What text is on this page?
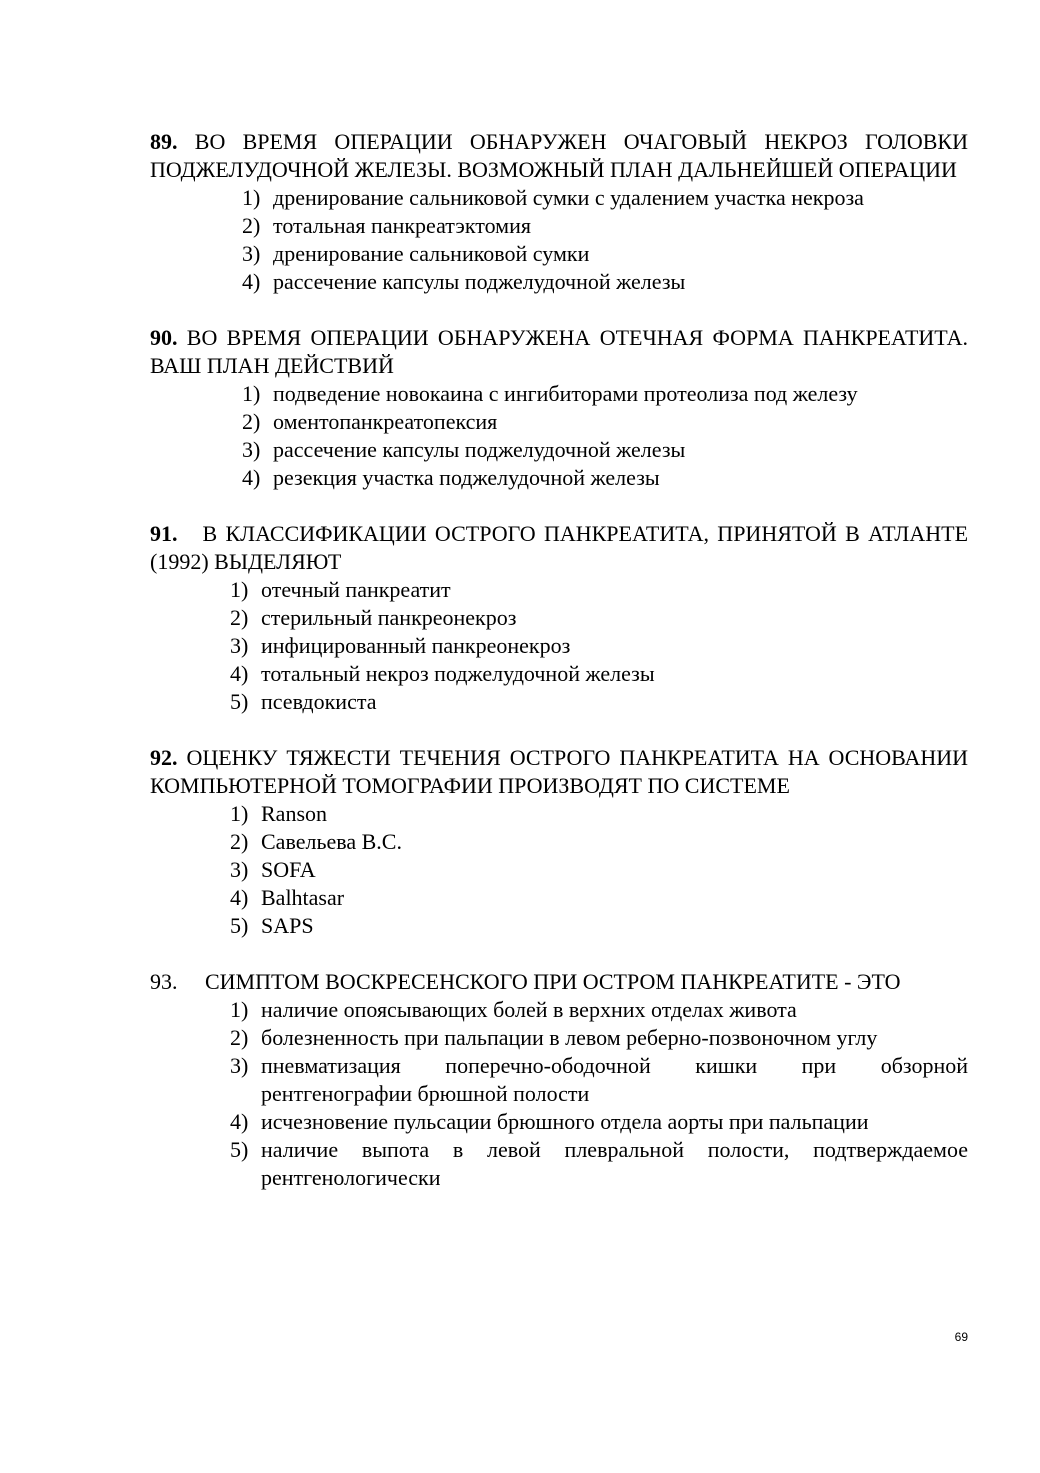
89. ВО ВРЕМЯ ОПЕРАЦИИ ОБНАРУЖЕН ОЧАГОВЫЙ НЕКРОЗ ГОЛОВКИ ПОДЖЕЛУДОЧНОЙ ЖЕЛЕЗЫ. ВОЗМОЖНЫЙ ПЛАН ДАЛЬНЕЙШЕЙ ОПЕРАЦИИ
1) дренирование сальниковой сумки с удалением участка некроза
2) тотальная панкреатэктомия
3) дренирование сальниковой сумки
4) рассечение капсулы поджелудочной железы
90. ВО ВРЕМЯ ОПЕРАЦИИ ОБНАРУЖЕНА ОТЕЧНАЯ ФОРМА ПАНКРЕАТИТА. ВАШ ПЛАН ДЕЙСТВИЙ
1) подведение новокаина с ингибиторами протеолиза под железу
2) оментопанкреатопексия
3) рассечение капсулы поджелудочной железы
4) резекция участка поджелудочной железы
91. В КЛАССИФИКАЦИИ ОСТРОГО ПАНКРЕАТИТА, ПРИНЯТОЙ В АТЛАНТЕ (1992) ВЫДЕЛЯЮТ
1) отечный панкреатит
2) стерильный панкреонекроз
3) инфицированный панкреонекроз
4) тотальный некроз поджелудочной железы
5) псевдокиста
92. ОЦЕНКУ ТЯЖЕСТИ ТЕЧЕНИЯ ОСТРОГО ПАНКРЕАТИТА НА ОСНОВАНИИ КОМПЬЮТЕРНОЙ ТОМОГРАФИИ ПРОИЗВОДЯТ ПО СИСТЕМЕ
1) Ranson
2) Савельева В.С.
3) SOFA
4) Balhtasar
5) SAPS
93. СИМПТОМ ВОСКРЕСЕНСКОГО ПРИ ОСТРОМ ПАНКРЕАТИТЕ - ЭТО
1) наличие опоясывающих болей в верхних отделах живота
2) болезненность при пальпации в левом реберно-позвоночном углу
3) пневматизация поперечно-ободочной кишки при обзорной рентгенографии брюшной полости
4) исчезновение пульсации брюшного отдела аорты при пальпации
5) наличие выпота в левой плевральной полости, подтверждаемое рентгенологически
69
